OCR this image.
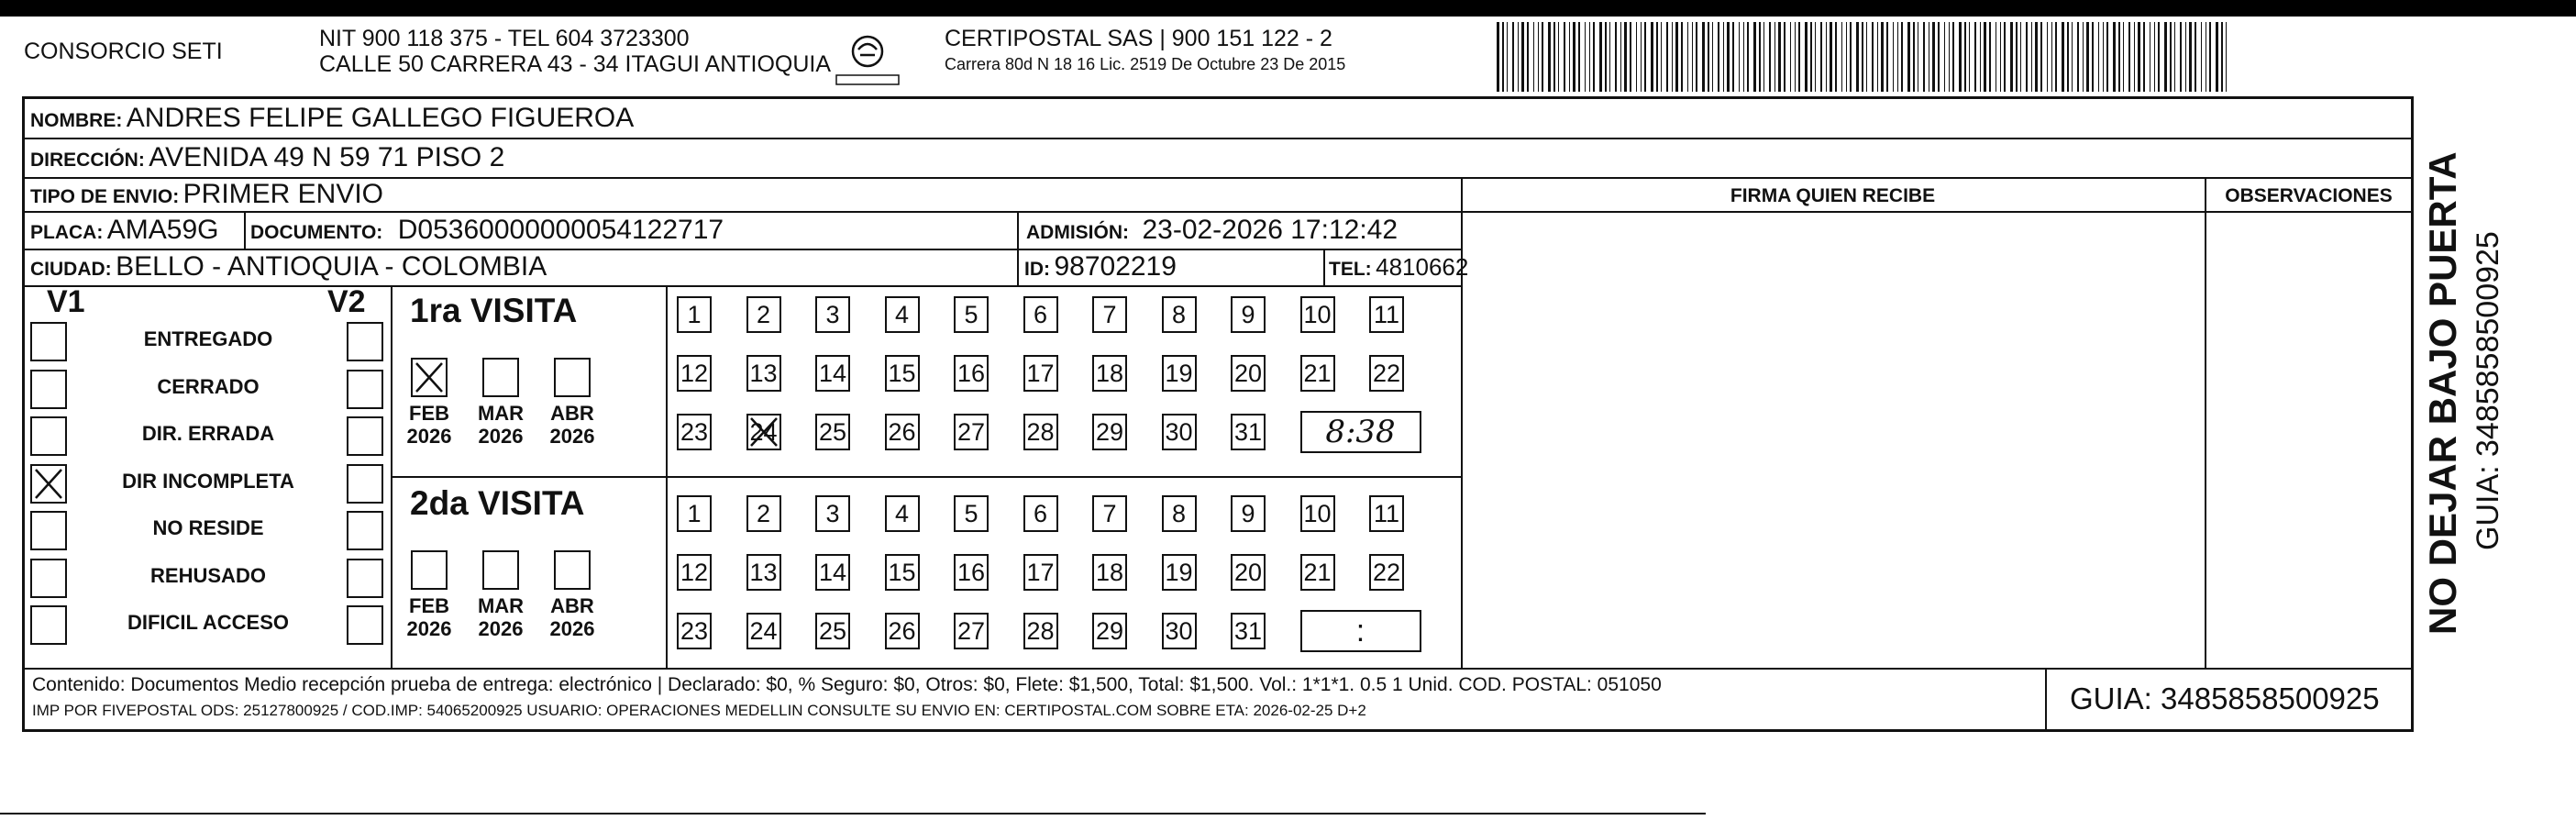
CONSORCIO SETI	NIT 900 118 375 - TEL 604 3723300
CALLE 50 CARRERA 43 - 34 ITAGUI ANTIOQUIA
CERTIPOSTAL SAS | 900 151 122 - 2
Carrera 80d N 18 16 Lic. 2519 De Octubre 23 De 2015
NOMBRE: ANDRES FELIPE GALLEGO FIGUEROA
DIRECCIÓN: AVENIDA 49 N 59 71 PISO 2
TIPO DE ENVIO: PRIMER ENVIO	FIRMA QUIEN RECIBE	OBSERVACIONES
PLACA: AMA59G DOCUMENTO: D05360000000054122717	ADMISIÓN: 23-02-2026 17:12:42
CIUDAD: BELLO - ANTIOQUIA - COLOMBIA	ID: 98702219	TEL: 4810662
V1	V2
ENTREGADO
CERRADO
DIR. ERRADA
DIR INCOMPLETA
NO RESIDE
REHUSADO
DIFICIL ACCESO
1ra VISITA
2da VISITA
FEB
2026
MAR
2026
ABR
2026
FEB
2026
MAR
2026
ABR
2026
1	2	3	4	5	6	7	8	9	10 11
12 13 14 15 16 17 18 19 20 21 22
23 24 25 26 27 28 29 30 31	8:38
1	2	3	4	5	6	7	8	9	10 11
12 13 14 15 16 17 18 19 20 21 22
23 24 25 26 27 28 29 30 31	:
Contenido: Documentos Medio recepción prueba de entrega: electrónico | Declarado: $0, % Seguro: $0, Otros: $0, Flete: $1,500, Total: $1,500. Vol.: 1*1*1. 0.5 1 Unid. COD. POSTAL: 051050
IMP POR FIVEPOSTAL ODS: 25127800925 / COD.IMP: 54065200925 USUARIO: OPERACIONES MEDELLIN CONSULTE SU ENVIO EN: CERTIPOSTAL.COM SOBRE ETA: 2026-02-25 D+2	GUIA: 3485858500925
NO DEJAR BAJO PUERTA GUIA: 3485858500925
